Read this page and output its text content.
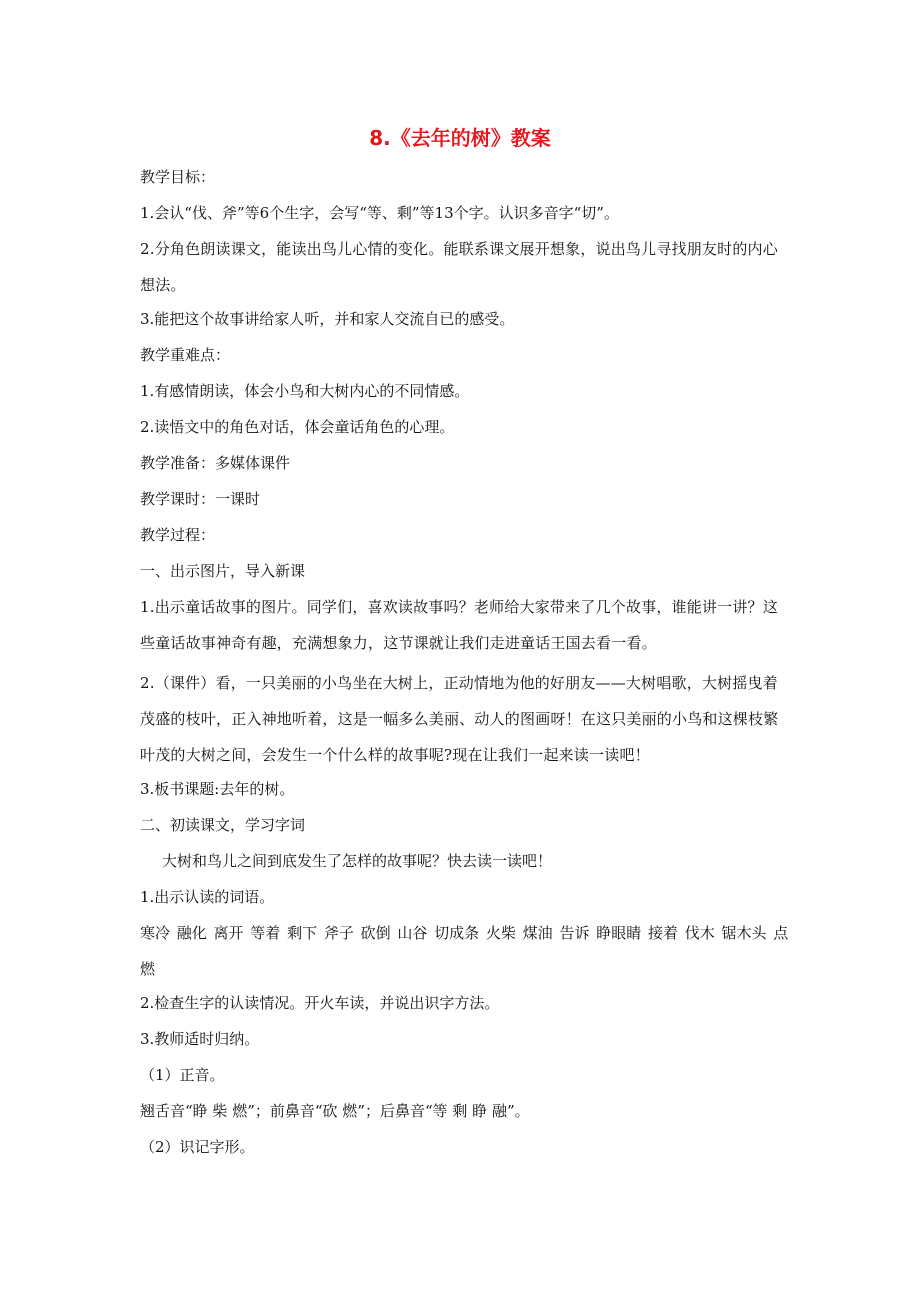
8.《去年的树》教案
教学目标：
1.会认“伐、斧”等6个生字，会写“等、剩”等13个字。认识多音字“切”。
2.分角色朗读课文，能读出鸟儿心情的变化。能联系课文展开想象，说出鸟儿寻找朋友时的内心想法。
3.能把这个故事讲给家人听，并和家人交流自已的感受。
教学重难点：
1.有感情朗读，体会小鸟和大树内心的不同情感。
2.读悟文中的角色对话，体会童话角色的心理。
教学准备：多媒体课件
教学课时：一课时
教学过程：
一、出示图片，导入新课
1.出示童话故事的图片。同学们，喜欢读故事吗？老师给大家带来了几个故事，谁能讲一讲？这些童话故事神奇有趣，充满想象力，这节课就让我们走进童话王国去看一看。
2.（课件）看，一只美丽的小鸟坐在大树上，正动情地为他的好朋友——大树唱歌，大树摇曳着茂盛的枝叶，正入神地听着，这是一幅多么美丽、动人的图画呀！在这只美丽的小鸟和这棵枝繁叶茂的大树之间，会发生一个什么样的故事呢?现在让我们一起来读一读吧！
3.板书课题:去年的树。
二、初读课文，学习字词
大树和鸟儿之间到底发生了怎样的故事呢？快去读一读吧！
1.出示认读的词语。
寒冷 融化 离开 等着 剩下 斧子 砍倒 山谷 切成条 火柴 煤油 告诉 睁眼睛 接着 伐木 锯木头 点燃
2.检查生字的认读情况。开火车读，并说出识字方法。
3.教师适时归纳。
（1）正音。
翘舌音“睁 柴 燃”；前鼻音“砍 燃”；后鼻音“等 剩 睁 融”。
（2）识记字形。
